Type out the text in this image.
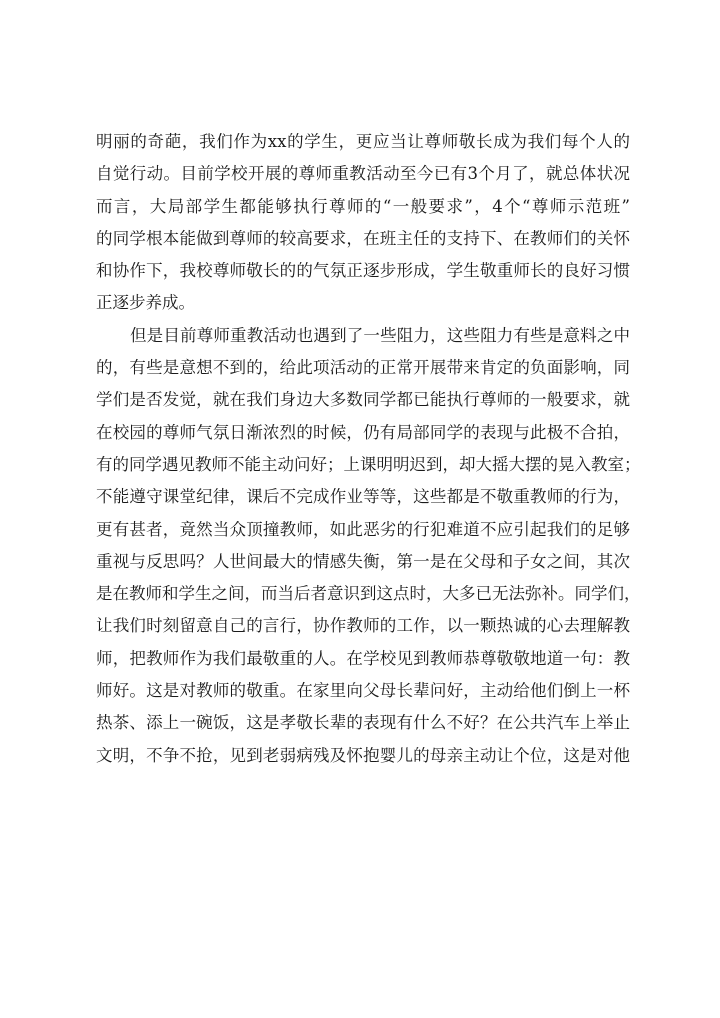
明丽的奇葩，我们作为xx的学生，更应当让尊师敬长成为我们每个人的
自觉行动。目前学校开展的尊师重教活动至今已有3个月了，就总体状况
而言，大局部学生都能够执行尊师的“一般要求”，4个“尊师示范班”
的同学根本能做到尊师的较高要求，在班主任的支持下、在教师们的关怀
和协作下，我校尊师敬长的的气氛正逐步形成，学生敬重师长的良好习惯
正逐步养成。
但是目前尊师重教活动也遇到了一些阻力，这些阻力有些是意料之中
的，有些是意想不到的，给此项活动的正常开展带来肯定的负面影响，同
学们是否发觉，就在我们身边大多数同学都已能执行尊师的一般要求，就
在校园的尊师气氛日渐浓烈的时候，仍有局部同学的表现与此极不合拍，
有的同学遇见教师不能主动问好；上课明明迟到，却大摇大摆的晃入教室；
不能遵守课堂纪律，课后不完成作业等等，这些都是不敬重教师的行为，
更有甚者，竟然当众顶撞教师，如此恶劣的行犯难道不应引起我们的足够
重视与反思吗？人世间最大的情感失衡，第一是在父母和子女之间，其次
是在教师和学生之间，而当后者意识到这点时，大多已无法弥补。同学们，
让我们时刻留意自己的言行，协作教师的工作，以一颗热诚的心去理解教
师，把教师作为我们最敬重的人。在学校见到教师恭尊敬敬地道一句：教
师好。这是对教师的敬重。在家里向父母长辈问好，主动给他们倒上一杯
热茶、添上一碗饭，这是孝敬长辈的表现有什么不好？在公共汽车上举止
文明，不争不抢，见到老弱病残及怀抱婴儿的母亲主动让个位，这是对他
